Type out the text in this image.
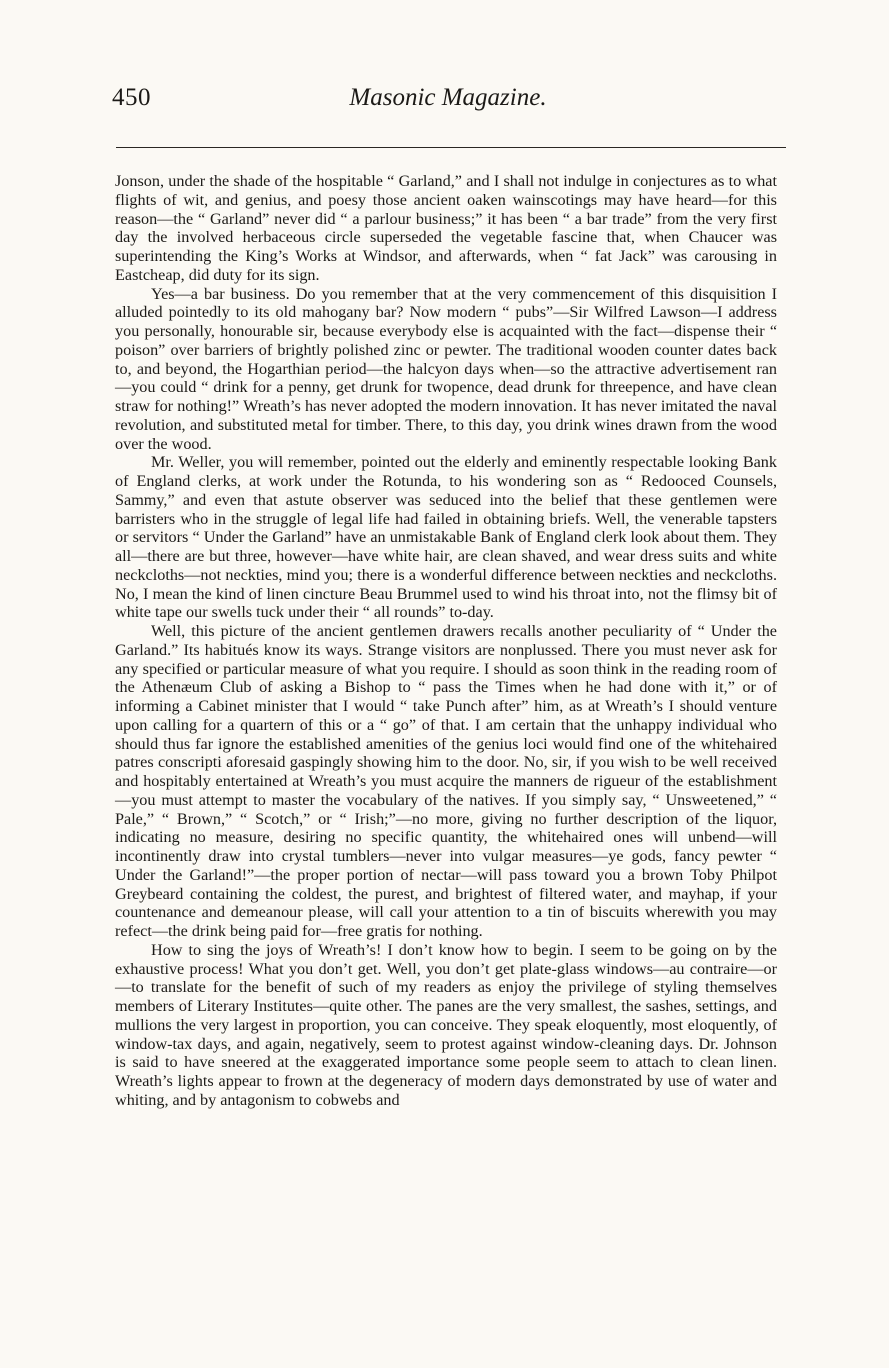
450	Masonic Magazine.

Jonson, under the shade of the hospitable “ Garland,” and I shall not indulge in conjectures as to what flights of wit, and genius, and poesy those ancient oaken wainscotings may have heard—for this reason—the “ Garland” never did “ a parlour business;” it has been “ a bar trade” from the very first day the involved herbaceous circle superseded the vegetable fascine that, when Chaucer was superintending the King’s Works at Windsor, and afterwards, when “ fat Jack” was carousing in Eastcheap, did duty for its sign.

Yes—a bar business. Do you remember that at the very commencement of this disquisition I alluded pointedly to its old mahogany bar? Now modern “ pubs”—Sir Wilfred Lawson—I address you personally, honourable sir, because everybody else is acquainted with the fact—dispense their “ poison” over barriers of brightly polished zinc or pewter. The traditional wooden counter dates back to, and beyond, the Hogarthian period—the halcyon days when—so the attractive advertisement ran—you could “ drink for a penny, get drunk for twopence, dead drunk for threepence, and have clean straw for nothing!” Wreath’s has never adopted the modern innovation. It has never imitated the naval revolution, and substituted metal for timber. There, to this day, you drink wines drawn from the wood over the wood.

Mr. Weller, you will remember, pointed out the elderly and eminently respectable looking Bank of England clerks, at work under the Rotunda, to his wondering son as “ Redooced Counsels, Sammy,” and even that astute observer was seduced into the belief that these gentlemen were barristers who in the struggle of legal life had failed in obtaining briefs. Well, the venerable tapsters or servitors “ Under the Garland” have an unmistakable Bank of England clerk look about them. They all—there are but three, however—have white hair, are clean shaved, and wear dress suits and white neckcloths—not neckties, mind you; there is a wonderful difference between neckties and neckcloths. No, I mean the kind of linen cincture Beau Brummel used to wind his throat into, not the flimsy bit of white tape our swells tuck under their “ all rounds” to-day.

Well, this picture of the ancient gentlemen drawers recalls another peculiarity of “ Under the Garland.” Its habitués know its ways. Strange visitors are nonplussed. There you must never ask for any specified or particular measure of what you require. I should as soon think in the reading room of the Athenæum Club of asking a Bishop to “ pass the Times when he had done with it,” or of informing a Cabinet minister that I would “ take Punch after” him, as at Wreath’s I should venture upon calling for a quartern of this or a “ go” of that. I am certain that the unhappy individual who should thus far ignore the established amenities of the genius loci would find one of the whitehaired patres conscripti aforesaid gaspingly showing him to the door. No, sir, if you wish to be well received and hospitably entertained at Wreath’s you must acquire the manners de rigueur of the establishment—you must attempt to master the vocabulary of the natives. If you simply say, “ Unsweetened,” “ Pale,” “ Brown,” “ Scotch,” or “ Irish;”—no more, giving no further description of the liquor, indicating no measure, desiring no specific quantity, the whitehaired ones will unbend—will incontinently draw into crystal tumblers—never into vulgar measures—ye gods, fancy pewter “ Under the Garland!”—the proper portion of nectar—will pass toward you a brown Toby Philpot Greybeard containing the coldest, the purest, and brightest of filtered water, and mayhap, if your countenance and demeanour please, will call your attention to a tin of biscuits wherewith you may refect—the drink being paid for—free gratis for nothing.

How to sing the joys of Wreath’s! I don’t know how to begin. I seem to be going on by the exhaustive process! What you don’t get. Well, you don’t get plate-glass windows—au contraire—or—to translate for the benefit of such of my readers as enjoy the privilege of styling themselves members of Literary Institutes—quite other. The panes are the very smallest, the sashes, settings, and mullions the very largest in proportion, you can conceive. They speak eloquently, most eloquently, of window-tax days, and again, negatively, seem to protest against window-cleaning days. Dr. Johnson is said to have sneered at the exaggerated importance some people seem to attach to clean linen. Wreath’s lights appear to frown at the degeneracy of modern days demonstrated by use of water and whiting, and by antagonism to cobwebs and
